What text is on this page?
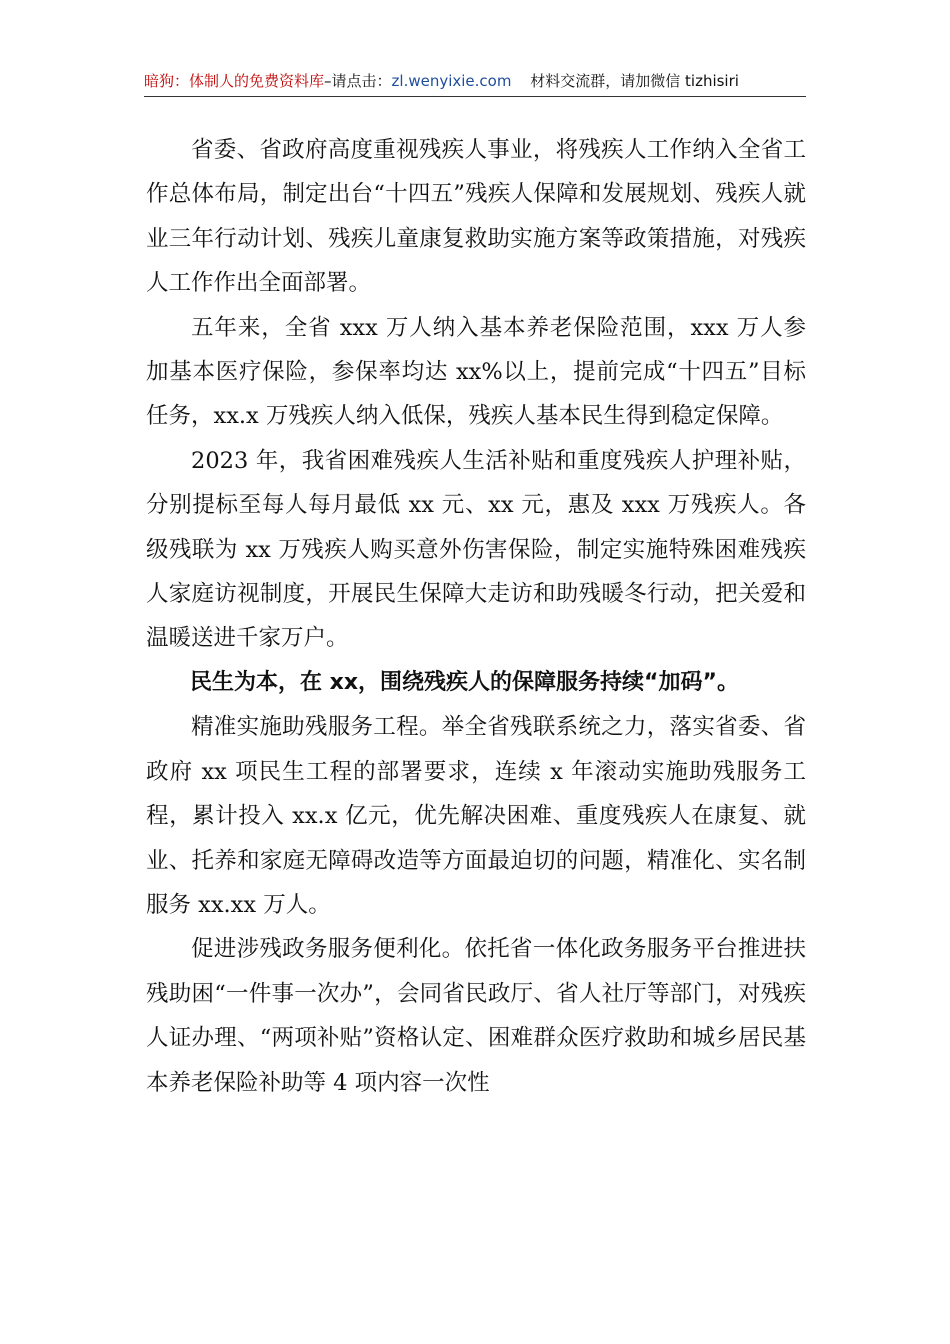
暗狗：体制人的免费资料库–请点击：zl.wenyixie.com 材料交流群，请加微信 tizhisiri

省委、省政府高度重视残疾人事业，将残疾人工作纳入全省工作总体布局，制定出台“十四五”残疾人保障和发展规划、残疾人就业三年行动计划、残疾儿童康复救助实施方案等政策措施，对残疾人工作作出全面部署。

五年来，全省 xxx 万人纳入基本养老保险范围，xxx 万人参加基本医疗保险，参保率均达 xx%以上，提前完成“十四五”目标任务，xx.x 万残疾人纳入低保，残疾人基本民生得到稳定保障。

2023 年，我省困难残疾人生活补贴和重度残疾人护理补贴，分别提标至每人每月最低 xx 元、xx 元，惠及 xxx 万残疾人。各级残联为 xx 万残疾人购买意外伤害保险，制定实施特殊困难残疾人家庭访视制度，开展民生保障大走访和助残暖冬行动，把关爱和温暖送进千家万户。

民生为本，在 xx，围绕残疾人的保障服务持续“加码”。

精准实施助残服务工程。举全省残联系统之力，落实省委、省政府 xx 项民生工程的部署要求，连续 x 年滚动实施助残服务工程，累计投入 xx.x 亿元，优先解决困难、重度残疾人在康复、就业、托养和家庭无障碍改造等方面最迫切的问题，精准化、实名制服务 xx.xx 万人。

促进涉残政务服务便利化。依托省一体化政务服务平台推进扶残助困“一件事一次办”，会同省民政厅、省人社厅等部门，对残疾人证办理、“两项补贴”资格认定、困难群众医疗救助和城乡居民基本养老保险补助等 4 项内容一次性
